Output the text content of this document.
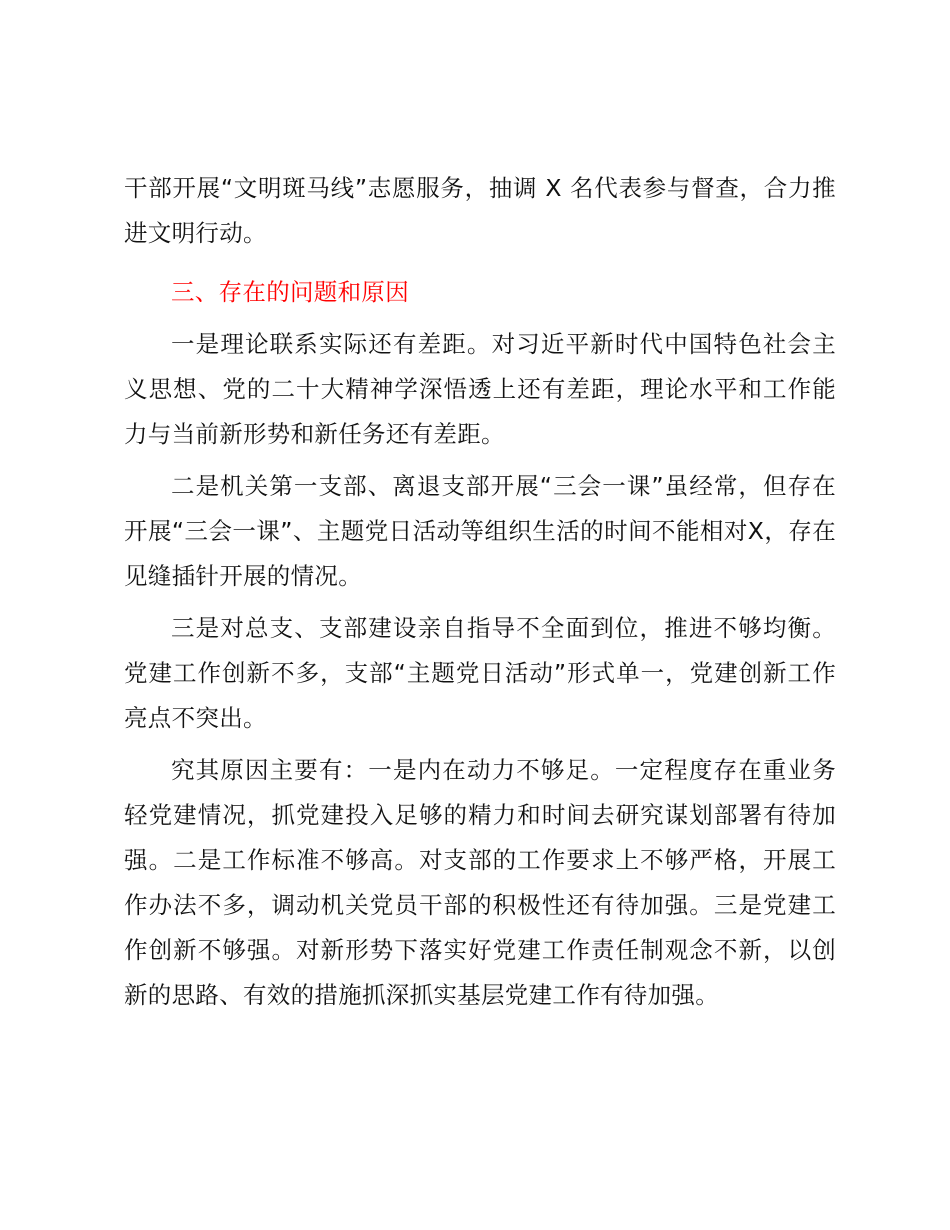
干部开展“文明斑马线”志愿服务，抽调 X 名代表参与督查，合力推进文明行动。

三、存在的问题和原因

一是理论联系实际还有差距。对习近平新时代中国特色社会主义思想、党的二十大精神学深悟透上还有差距，理论水平和工作能力与当前新形势和新任务还有差距。

二是机关第一支部、离退支部开展“三会一课”虽经常，但存在开展“三会一课”、主题党日活动等组织生活的时间不能相对X，存在见缝插针开展的情况。

三是对总支、支部建设亲自指导不全面到位，推进不够均衡。党建工作创新不多，支部“主题党日活动”形式单一，党建创新工作亮点不突出。

究其原因主要有：一是内在动力不够足。一定程度存在重业务轻党建情况，抓党建投入足够的精力和时间去研究谋划部署有待加强。二是工作标准不够高。对支部的工作要求上不够严格，开展工作办法不多，调动机关党员干部的积极性还有待加强。三是党建工作创新不够强。对新形势下落实好党建工作责任制观念不新，以创新的思路、有效的措施抓深抓实基层党建工作有待加强。
